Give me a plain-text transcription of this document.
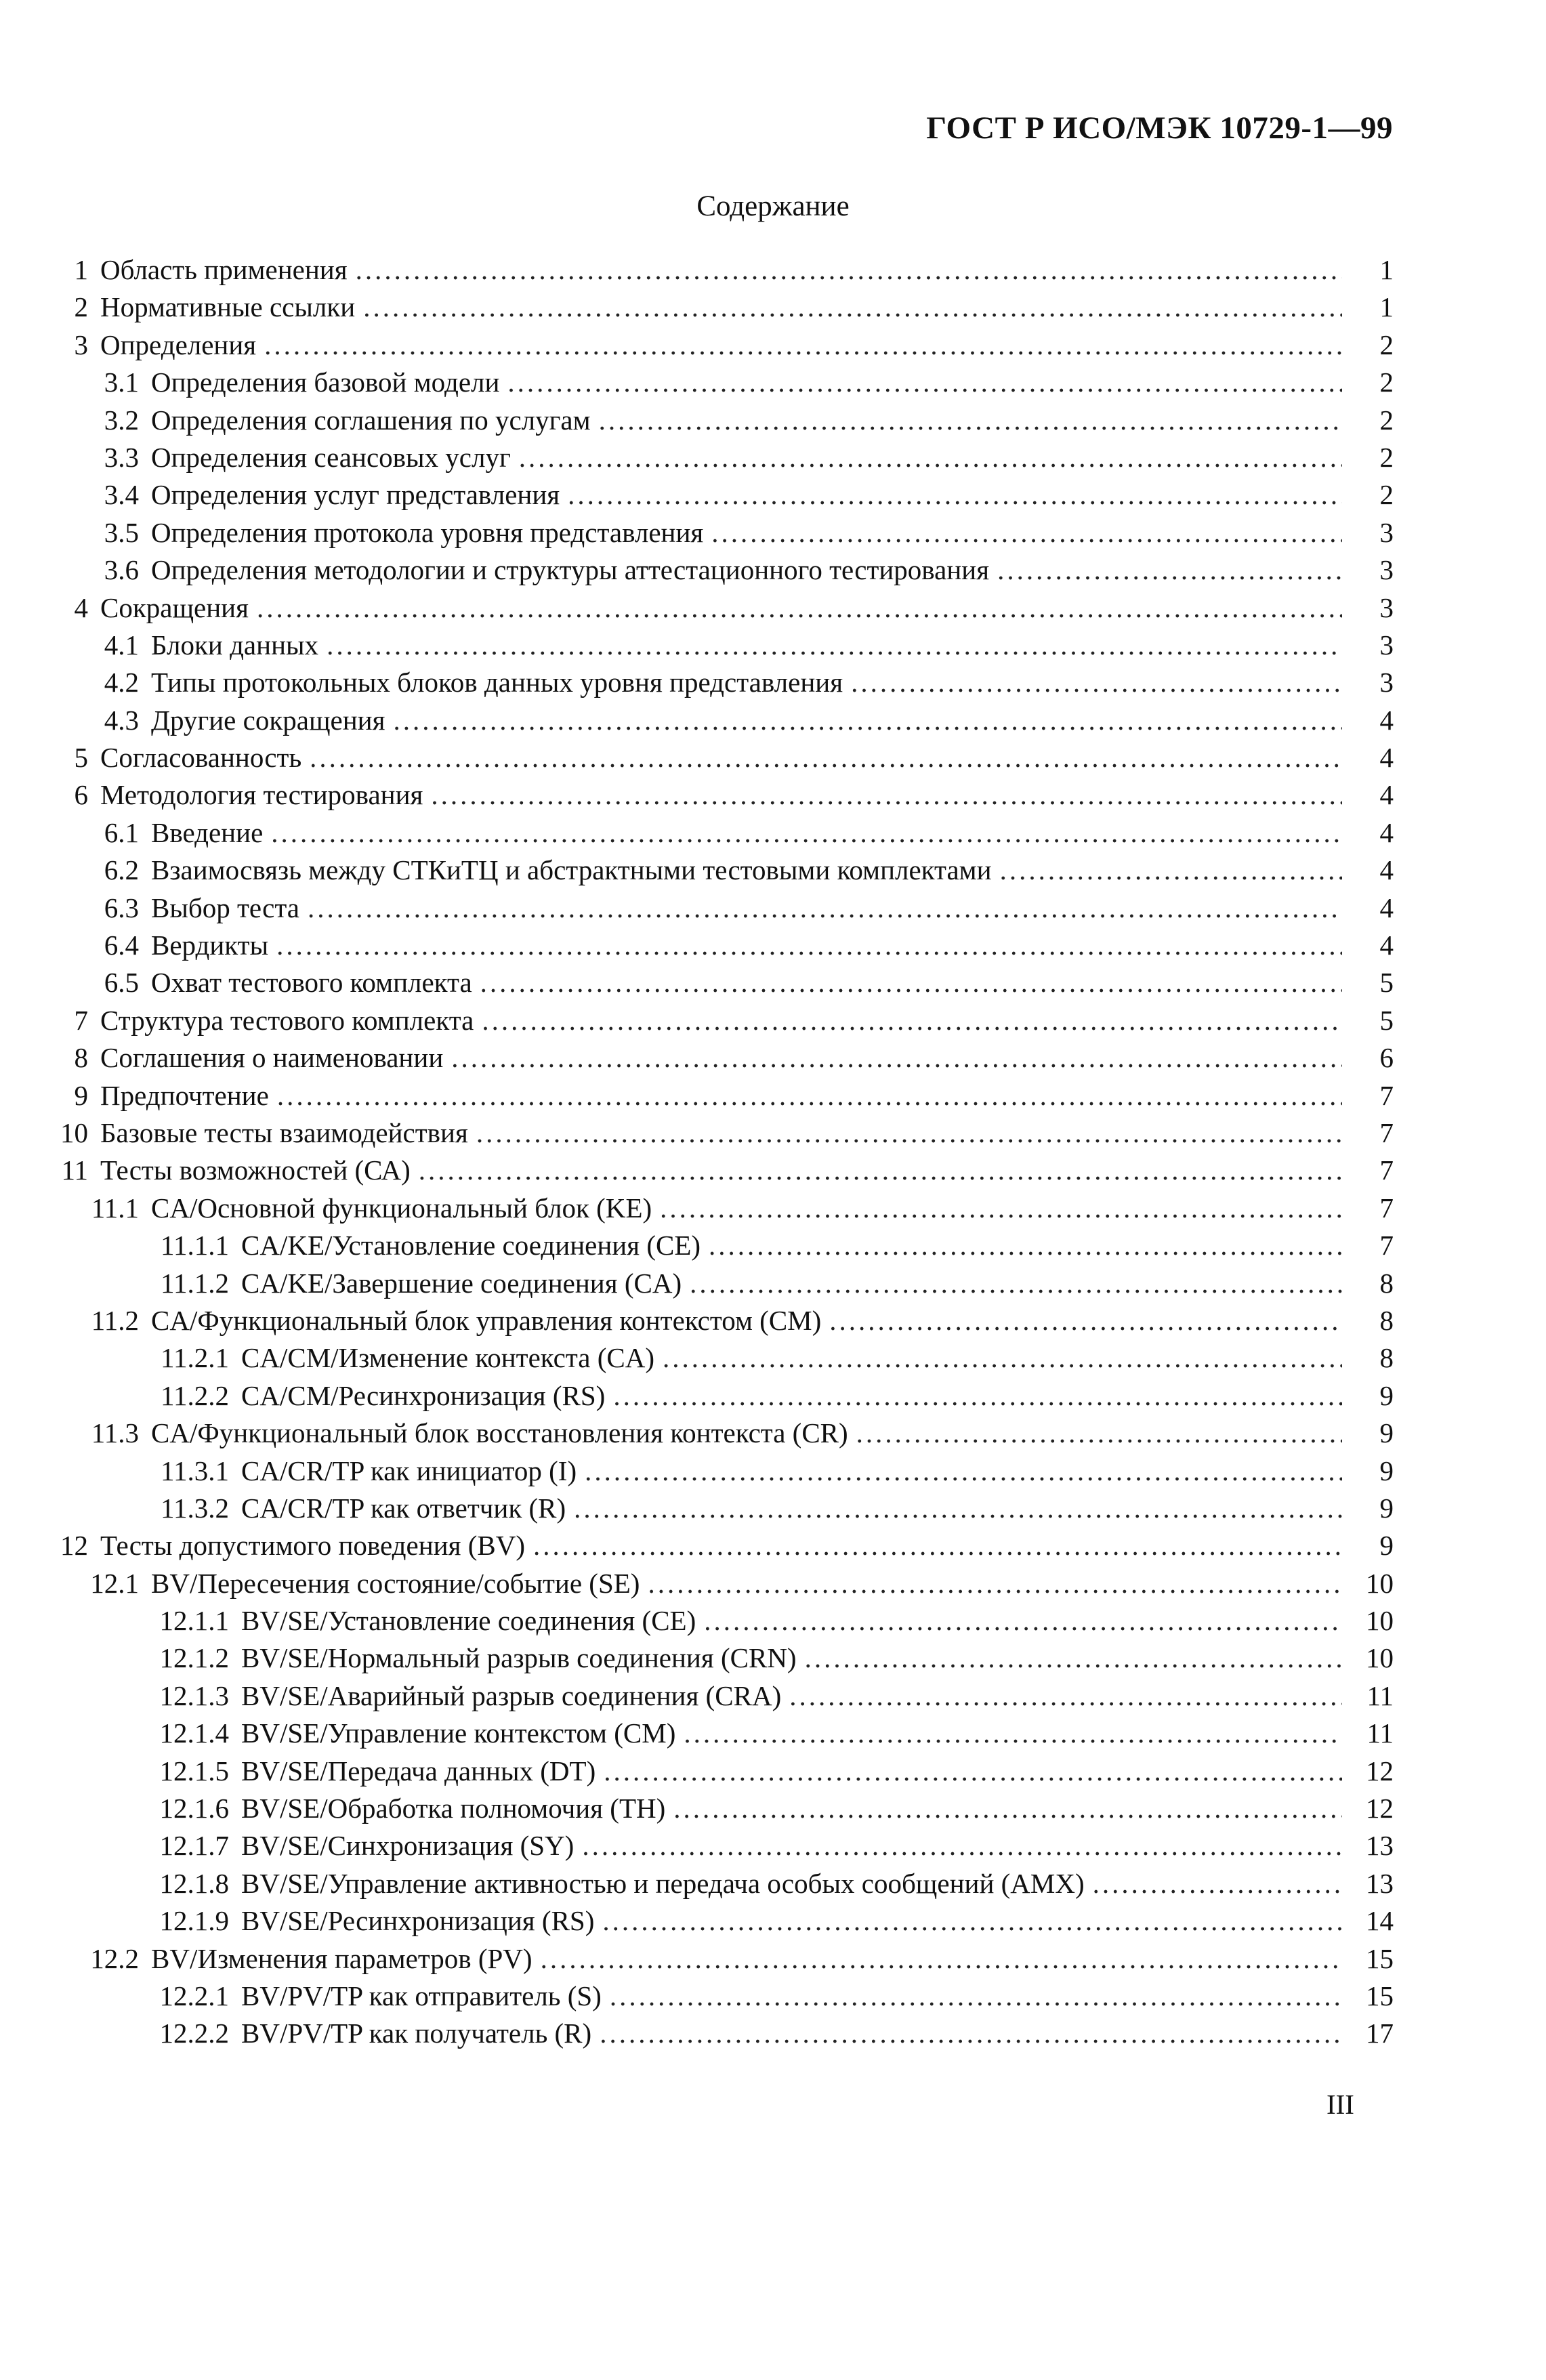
ГОСТ Р ИСО/МЭК 10729-1—99
Содержание
1 Область применения .....	1
2 Нормативные ссылки .....	1
3 Определения .....	2
3.1 Определения базовой модели .....	2
3.2 Определения соглашения по услугам .....	2
3.3 Определения сеансовых услуг .....	2
3.4 Определения услуг представления .....	2
3.5 Определения протокола уровня представления .....	3
3.6 Определения методологии и структуры аттестационного тестирования .....	3
4 Сокращения .....	3
4.1 Блоки данных .....	3
4.2 Типы протокольных блоков данных уровня представления .....	3
4.3 Другие сокращения .....	4
5 Согласованность .....	4
6 Методология тестирования .....	4
6.1 Введение .....	4
6.2 Взаимосвязь между СТКиТЦ и абстрактными тестовыми комплектами .....	4
6.3 Выбор теста .....	4
6.4 Вердикты .....	4
6.5 Охват тестового комплекта .....	5
7 Структура тестового комплекта .....	5
8 Соглашения о наименовании .....	6
9 Предпочтение .....	7
10 Базовые тесты взаимодействия .....	7
11 Тесты возможностей (СА) .....	7
11.1 CA/Основной функциональный блок (KE) .....	7
11.1.1 CA/KE/Установление соединения (CE) .....	7
11.1.2 CA/KE/Завершение соединения (CA) .....	8
11.2 CA/Функциональный блок управления контекстом (CM) .....	8
11.2.1 CA/CM/Изменение контекста (CA) .....	8
11.2.2 CA/CM/Ресинхронизация (RS) .....	9
11.3 CA/Функциональный блок восстановления контекста (CR) .....	9
11.3.1 CA/CR/TP как инициатор (I) .....	9
11.3.2 CA/CR/TP как ответчик (R) .....	9
12 Тесты допустимого поведения (BV) .....	9
12.1 BV/Пересечения состояние/событие (SE) .....	10
12.1.1 BV/SE/Установление соединения (CE) .....	10
12.1.2 BV/SE/Нормальный разрыв соединения (CRN) .....	10
12.1.3 BV/SE/Аварийный разрыв соединения (CRA) .....	11
12.1.4 BV/SE/Управление контекстом (CM) .....	11
12.1.5 BV/SE/Передача данных (DT) .....	12
12.1.6 BV/SE/Обработка полномочия (TH) .....	12
12.1.7 BV/SE/Синхронизация (SY) .....	13
12.1.8 BV/SE/Управление активностью и передача особых сообщений (AMX) .....	13
12.1.9 BV/SE/Ресинхронизация (RS) .....	14
12.2 BV/Изменения параметров (PV) .....	15
12.2.1 BV/PV/TP как отправитель (S) .....	15
12.2.2 BV/PV/TP как получатель (R) .....	17
III
